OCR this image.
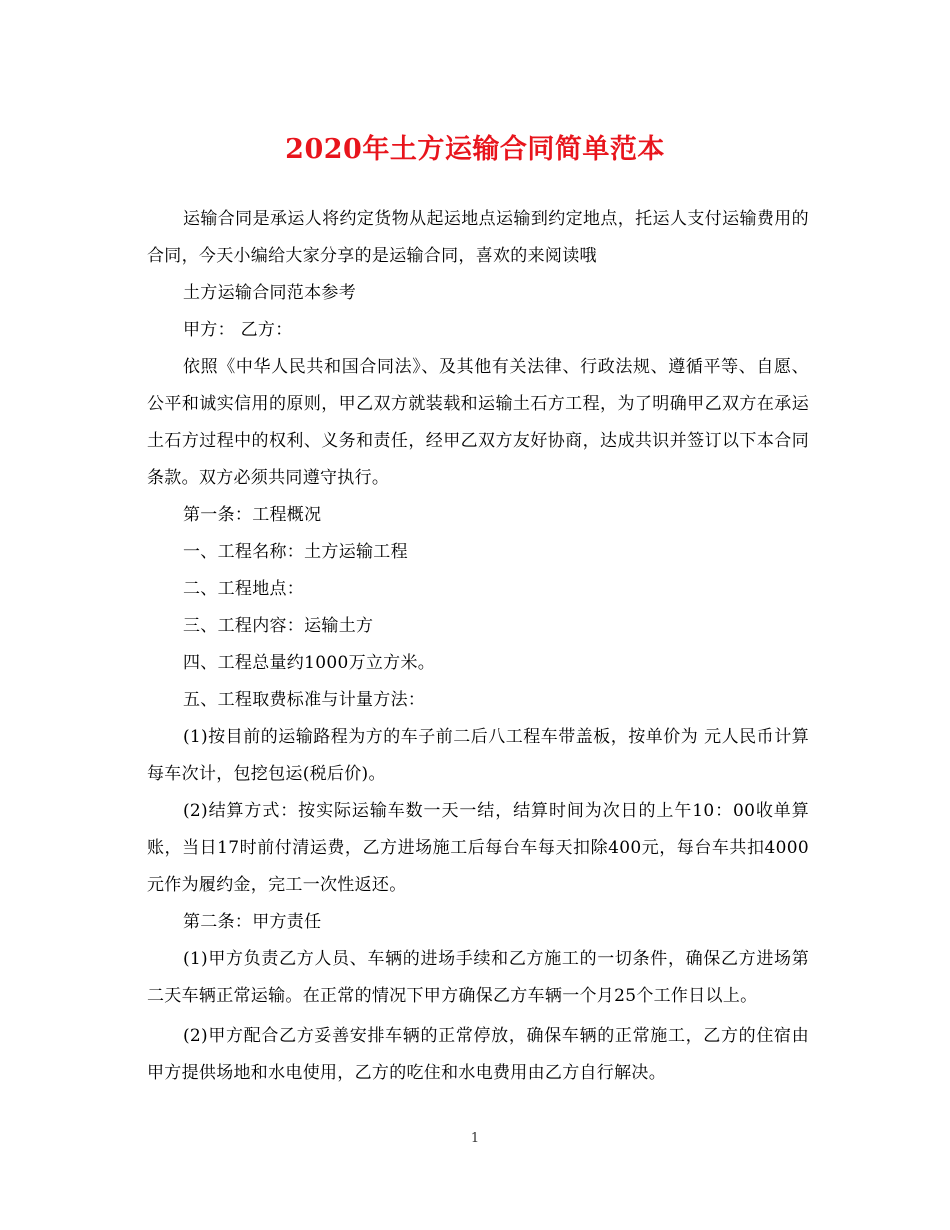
2020年土方运输合同简单范本

运输合同是承运人将约定货物从起运地点运输到约定地点，托运人支付运输费用的合同，今天小编给大家分享的是运输合同，喜欢的来阅读哦

土方运输合同范本参考

甲方： 乙方：

依照《中华人民共和国合同法》、及其他有关法律、行政法规、遵循平等、自愿、公平和诚实信用的原则，甲乙双方就装载和运输土石方工程，为了明确甲乙双方在承运土石方过程中的权利、义务和责任，经甲乙双方友好协商，达成共识并签订以下本合同条款。双方必须共同遵守执行。

第一条：工程概况

一、工程名称：土方运输工程

二、工程地点：

三、工程内容：运输土方

四、工程总量约1000万立方米。

五、工程取费标准与计量方法：

(1)按目前的运输路程为方的车子前二后八工程车带盖板，按单价为 元人民币计算每车次计，包挖包运(税后价)。

(2)结算方式：按实际运输车数一天一结，结算时间为次日的上午10：00收单算账，当日17时前付清运费，乙方进场施工后每台车每天扣除400元，每台车共扣4000元作为履约金，完工一次性返还。

第二条：甲方责任

(1)甲方负责乙方人员、车辆的进场手续和乙方施工的一切条件，确保乙方进场第二天车辆正常运输。在正常的情况下甲方确保乙方车辆一个月25个工作日以上。

(2)甲方配合乙方妥善安排车辆的正常停放，确保车辆的正常施工，乙方的住宿由甲方提供场地和水电使用，乙方的吃住和水电费用由乙方自行解决。

1
